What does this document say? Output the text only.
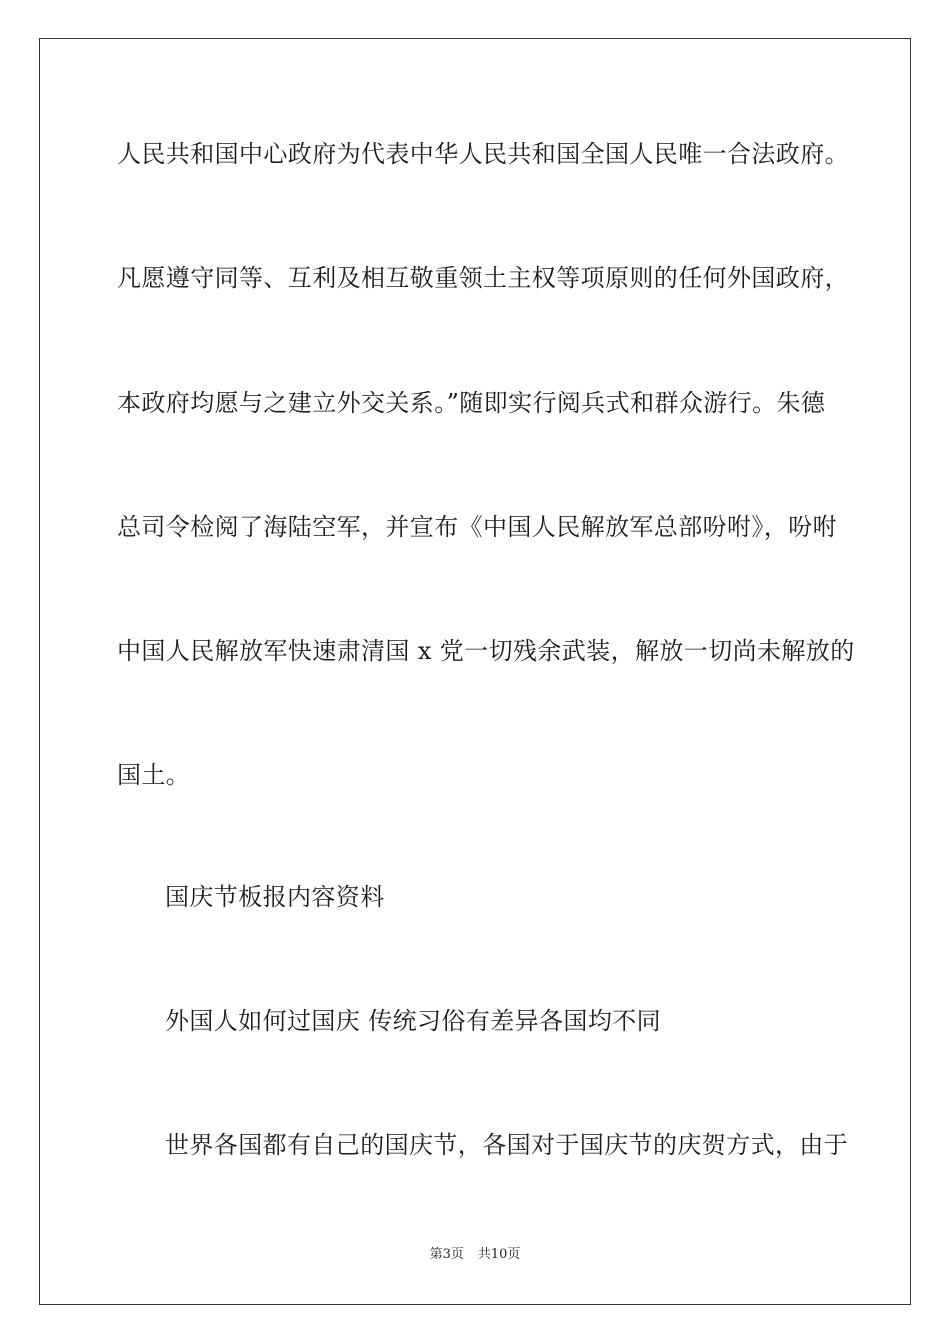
人民共和国中心政府为代表中华人民共和国全国人民唯一合法政府。
凡愿遵守同等、互利及相互敬重领土主权等项原则的任何外国政府，
本政府均愿与之建立外交关系。”随即实行阅兵式和群众游行。朱德
总司令检阅了海陆空军，并宣布《中国人民解放军总部吩咐》，吩咐
中国人民解放军快速肃清国 x 党一切残余武装，解放一切尚未解放的
国土。
国庆节板报内容资料
外国人如何过国庆 传统习俗有差异各国均不同
世界各国都有自己的国庆节，各国对于国庆节的庆贺方式，由于
第3页 共10页
